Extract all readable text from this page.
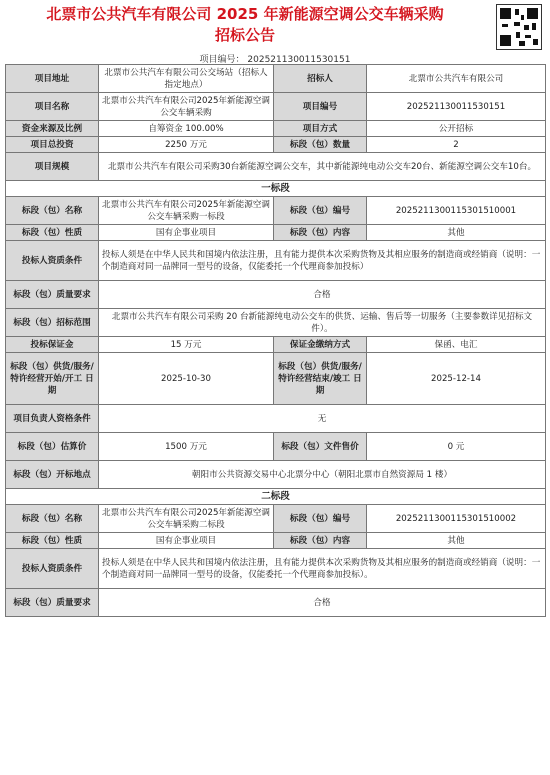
北票市公共汽车有限公司 2025 年新能源空调公交车辆采购
招标公告
项目编号： 202521130011530151
项目地址	北票市公共汽车有限公司公交场站（招标人指定地点）	招标人	北票市公共汽车有限公司
项目名称	北票市公共汽车有限公司2025年新能源空调公交车辆采购	项目编号	202521130011530151
资金来源及比例	自筹资金 100.00%	项目方式	公开招标
项目总投资	2250 万元	标段（包）数量	2
项目规模	北票市公共汽车有限公司采购30台新能源空调公交车，其中新能源纯电动公交车20台、新能源空调公交车10台。		
一标段			
标段（包）名称	北票市公共汽车有限公司2025年新能源空调公交车辆采购一标段	标段（包）编号	2025211300115301510001
标段（包）性质	国有企事业项目	标段（包）内容	其他
投标人资质条件	投标人须是在中华人民共和国境内依法注册，且有能力提供本次采购货物及其相应服务的制造商或经销商（说明：一个制造商对同一品牌同一型号的设备，仅能委托一个代理商参加投标）		
标段（包）质量要求	合格		
标段（包）招标范围	北票市公共汽车有限公司采购 20 台新能源纯电动公交车的供货、运输、售后等一切服务（主要参数详见招标文件）。		
投标保证金	15 万元	保证金缴纳方式	保函、电汇
标段（包）供货/服务/特许经营开始/开工 日期	2025-10-30	标段（包）供货/服务/特许经营结束/竣工 日期	2025-12-14
项目负责人资格条件	无		
标段（包）估算价	1500 万元	标段（包）文件售价	0 元
标段（包）开标地点	朝阳市公共资源交易中心北票分中心（朝阳北票市自然资源局 1 楼）		
二标段			
标段（包）名称	北票市公共汽车有限公司2025年新能源空调公交车辆采购二标段	标段（包）编号	2025211300115301510002
标段（包）性质	国有企事业项目	标段（包）内容	其他
投标人资质条件	投标人须是在中华人民共和国境内依法注册，且有能力提供本次采购货物及其相应服务的制造商或经销商（说明：一个制造商对同一品牌同一型号的设备，仅能委托一个代理商参加投标）。		
标段（包）质量要求	合格		
